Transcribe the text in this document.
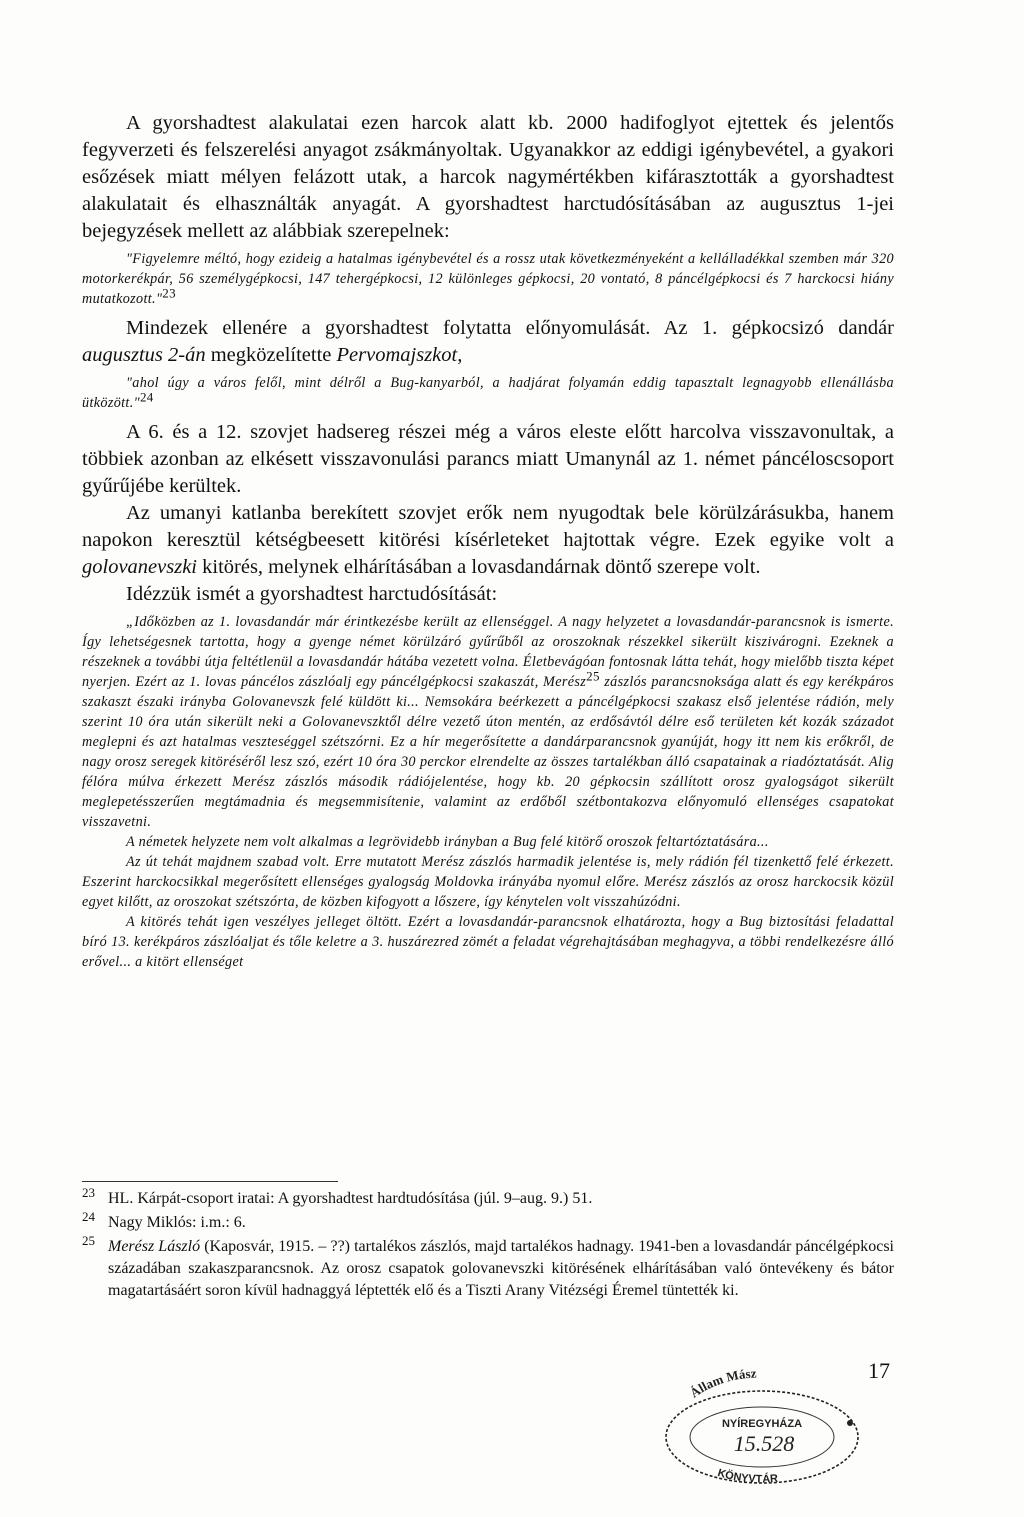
A gyorshadtest alakulatai ezen harcok alatt kb. 2000 hadifoglyot ejtettek és jelentős fegyverzeti és felszerelési anyagot zsákmányoltak. Ugyanakkor az eddigi igénybevétel, a gyakori esőzések miatt mélyen felázott utak, a harcok nagymértékben kifárasztották a gyorshadtest alakulatait és elhasználták anyagát. A gyorshadtest harctudósításában az augusztus 1-jei bejegyzések mellett az alábbiak szerepelnek:

"Figyelemre méltó, hogy ezideig a hatalmas igénybevétel és a rossz utak következményeként a kellálladékkal szemben már 320 motorkerékpár, 56 személygépkocsi, 147 tehergépkocsi, 12 különleges gépkocsi, 20 vontató, 8 páncélgépkocsi és 7 harckocsi hiány mutatkozott."23

Mindezek ellenére a gyorshadtest folytatta előnyomulását. Az 1. gépkocsizó dandár augusztus 2-án megközelítette Pervomajszkot,

"ahol úgy a város felől, mint délről a Bug-kanyarból, a hadjárat folyamán eddig tapasztalt legnagyobb ellenállásba ütközött."24

A 6. és a 12. szovjet hadsereg részei még a város eleste előtt harcolva visszavonultak, a többiek azonban az elkésett visszavonulási parancs miatt Umanynál az 1. német páncéloscsoport gyűrűjébe kerültek.

Az umanyi katlanba berekített szovjet erők nem nyugodtak bele körülzárásukba, hanem napokon keresztül kétségbeesett kitörési kísérleteket hajtottak végre. Ezek egyike volt a golovanevszki kitörés, melynek elhárításában a lovasdandárnak döntő szerepe volt.

Idézzük ismét a gyorshadtest harctudósítását:

„Időközben az 1. lovasdandár már érintkezésbe került az ellenséggel. A nagy helyzetet a lovasdandár-parancsnok is ismerte. Így lehetségesnek tartotta, hogy a gyenge német körülzáró gyűrűből az oroszoknak részekkel sikerült kiszivárogni. Ezeknek a részeknek a további útja feltétlenül a lovasdandár hátába vezetett volna. Életbevágóan fontosnak látta tehát, hogy mielőbb tiszta képet nyerjen. Ezért az 1. lovas páncélos zászlóalj egy páncélgépkocsi szakaszát, Merész25 zászlós parancsnoksága alatt és egy kerékpáros szakaszt északi irányba Golovanevszk felé küldött ki... Nemsokára beérkezett a páncélgépkocsi szakasz első jelentése rádión, mely szerint 10 óra után sikerült neki a Golovanevszktől délre vezető úton mentén, az erdősávtól délre eső területen két kozák századot meglepni és azt hatalmas veszteséggel szétszórni. Ez a hír megerősítette a dandárparancsnok gyanúját, hogy itt nem kis erőkről, de nagy orosz seregek kitöréséről lesz szó, ezért 10 óra 30 perckor elrendelte az összes tartalékban álló csapatainak a riadóztatását. Alig félóra múlva érkezett Merész zászlós második rádiójelentése, hogy kb. 20 gépkocsin szállított orosz gyalogságot sikerült meglepetésszerűen megtámadnia és megsemmisítenie, valamint az erdőből szétbontakozva előnyomuló ellenséges csapatokat visszavetni.

A németek helyzete nem volt alkalmas a legrövidebb irányban a Bug felé kitörő oroszok feltartóztatására...

Az út tehát majdnem szabad volt. Erre mutatott Merész zászlós harmadik jelentése is, mely rádión fél tizenkettő felé érkezett. Eszerint harckocsikkal megerősített ellenséges gyalogság Moldovka irányába nyomul előre. Merész zászlós az orosz harckocsik közül egyet kilőtt, az oroszokat szétszórta, de közben kifogyott a lőszere, így kénytelen volt visszahúzódni.

A kitörés tehát igen veszélyes jelleget öltött. Ezért a lovasdandár-parancsnok elhatározta, hogy a Bug biztosítási feladattal bíró 13. kerékpáros zászlóaljat és tőle keletre a 3. huszárezred zömét a feladat végrehajtásában meghagyva, a többi rendelkezésre álló erővel... a kitört ellenséget

23 HL. Kárpát-csoport iratai: A gyorshadtest hardtudósítása (júl. 9–aug. 9.) 51.
24 Nagy Miklós: i.m.: 6.
25 Merész László (Kaposvár, 1915. – ??) tartalékos zászlós, majd tartalékos hadnagy. 1941-ben a lovasdandár páncélgépkocsi századában szakaszparancsnok. Az orosz csapatok golovanevszki kitörésének elhárításában való öntevékeny és bátor magatartásáért soron kívül hadnaggyá léptették elő és a Tiszti Arany Vitézségi Éremel tüntették ki.
17
Állam Mász
NYÍREGYHÁZA
15.528
KÖNYVTÁR
